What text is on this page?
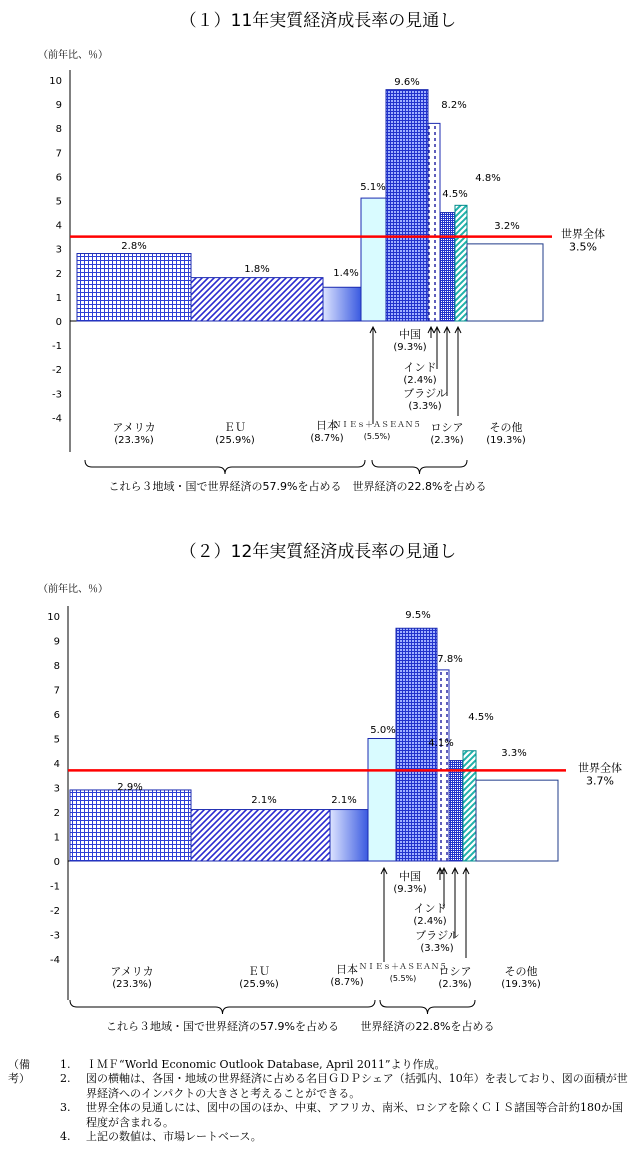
（１）11年実質経済成長率の見通し
（前年比、％）
10
9
8
7
6
5
4
3
2
1
0
-1
-2
-3
-4
2.8%
1.8%	1.4%
5.1%
9.6%
8.2%
4.5%
4.8%
3.2%
世界全体
3.5%
アメリカ
(23.3%)
ＥＵ
(25.9%)
日本
(8.7%)
ＮＩＥｓ＋ＡＳＥＡＮ５
(5.5%)
中国
(9.3%)
インド
(2.4%)
ブラジル
(3.3%)
ロシア
(2.3%)
その他
(19.3%)
これら３地域・国で世界経済の57.9%を占める 世界経済の22.8%を占める
（２）12年実質経済成長率の見通し
（前年比、％）
10
9
8
7
6
5
4
3
2
1
0
-1
-2
-3
-4
2.9%
2.1%	2.1%
5.0%
9.5%
7.8%
4.1%
4.5%
3.3%
世界全体
3.7%
アメリカ
(23.3%)
ＥＵ
(25.9%)
日本
(8.7%)
ＮＩＥｓ＋ＡＳＥＡＮ５
(5.5%)
中国
(9.3%)
インド
(2.4%)
ブラジル
(3.3%)
ロシア
(2.3%)
その他
(19.3%)
これら３地域・国で世界経済の57.9%を占める 世界経済の22.8%を占める
（備考）
1. ＩＭＦ“World Economic Outlook Database, April 2011”より作成。
2. 図の横軸は、各国・地域の世界経済に占める名目ＧＤＰシェア（括弧内、10年）を表しており、図の面積が世界経済へのインパクトの大きさと考えることができる。
3. 世界全体の見通しには、図中の国のほか、中東、アフリカ、南米、ロシアを除くＣＩＳ諸国等合計約180か国程度が含まれる。
4. 上記の数値は、市場レートベース。
